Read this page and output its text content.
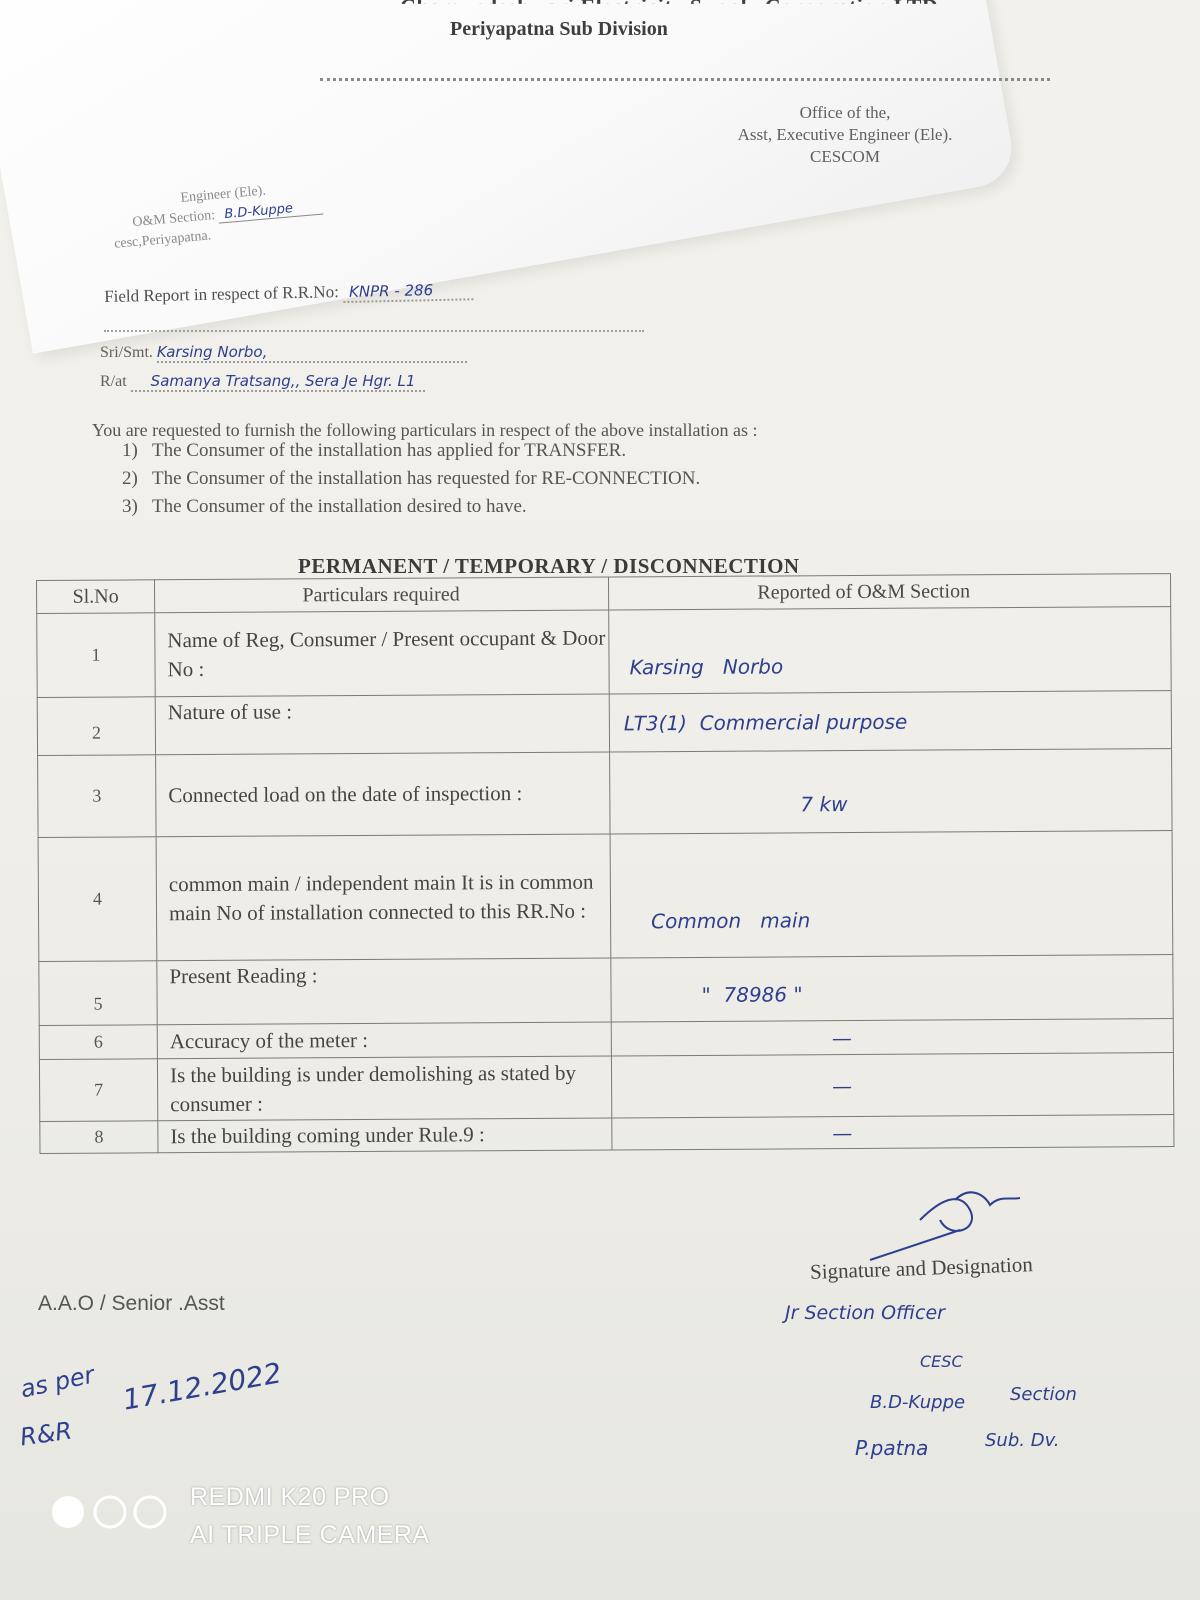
Periyapatna Sub Division
Office of the,
Asst, Executive Engineer (Ele).
CESCOM
Engineer (Ele).
O&M Section: B.D-Kuppe
cesc,Periyapatna.
Field Report in respect of R.R.No: KNPR - 286
Sri/Smt. Karsing Norbo,
R/at Samanya Tratsang,, Sera Je Hgr. L1
You are requested to furnish the following particulars in respect of the above installation as :
1) The Consumer of the installation has applied for TRANSFER.
2) The Consumer of the installation has requested for RE-CONNECTION.
3) The Consumer of the installation desired to have.
PERMANENT / TEMPORARY / DISCONNECTION
Sl.No	Particulars required	Reported of O&M Section
1	Name of Reg, Consumer / Present occupant & Door No :	Karsing   Norbo
2	Nature of use :	LT3(1)  Commercial purpose
3	Connected load on the date of inspection :	7 kw
4	common main / independent main It is in common main No of installation connected to this RR.No :	Common   main
5	Present Reading :	"  78986 "
6	Accuracy of the meter :	—
7	Is the building is under demolishing as stated by consumer :	—
8	Is the building coming under Rule.9 :	—
Signature and Designation
Jr Section Officer
CESC
B.D-Kuppe Section
P.patna	Sub. Dv.
A.A.O / Senior .Asst
as per
R&R
17.12.2022
REDMI K20 PRO
AI TRIPLE CAMERA
